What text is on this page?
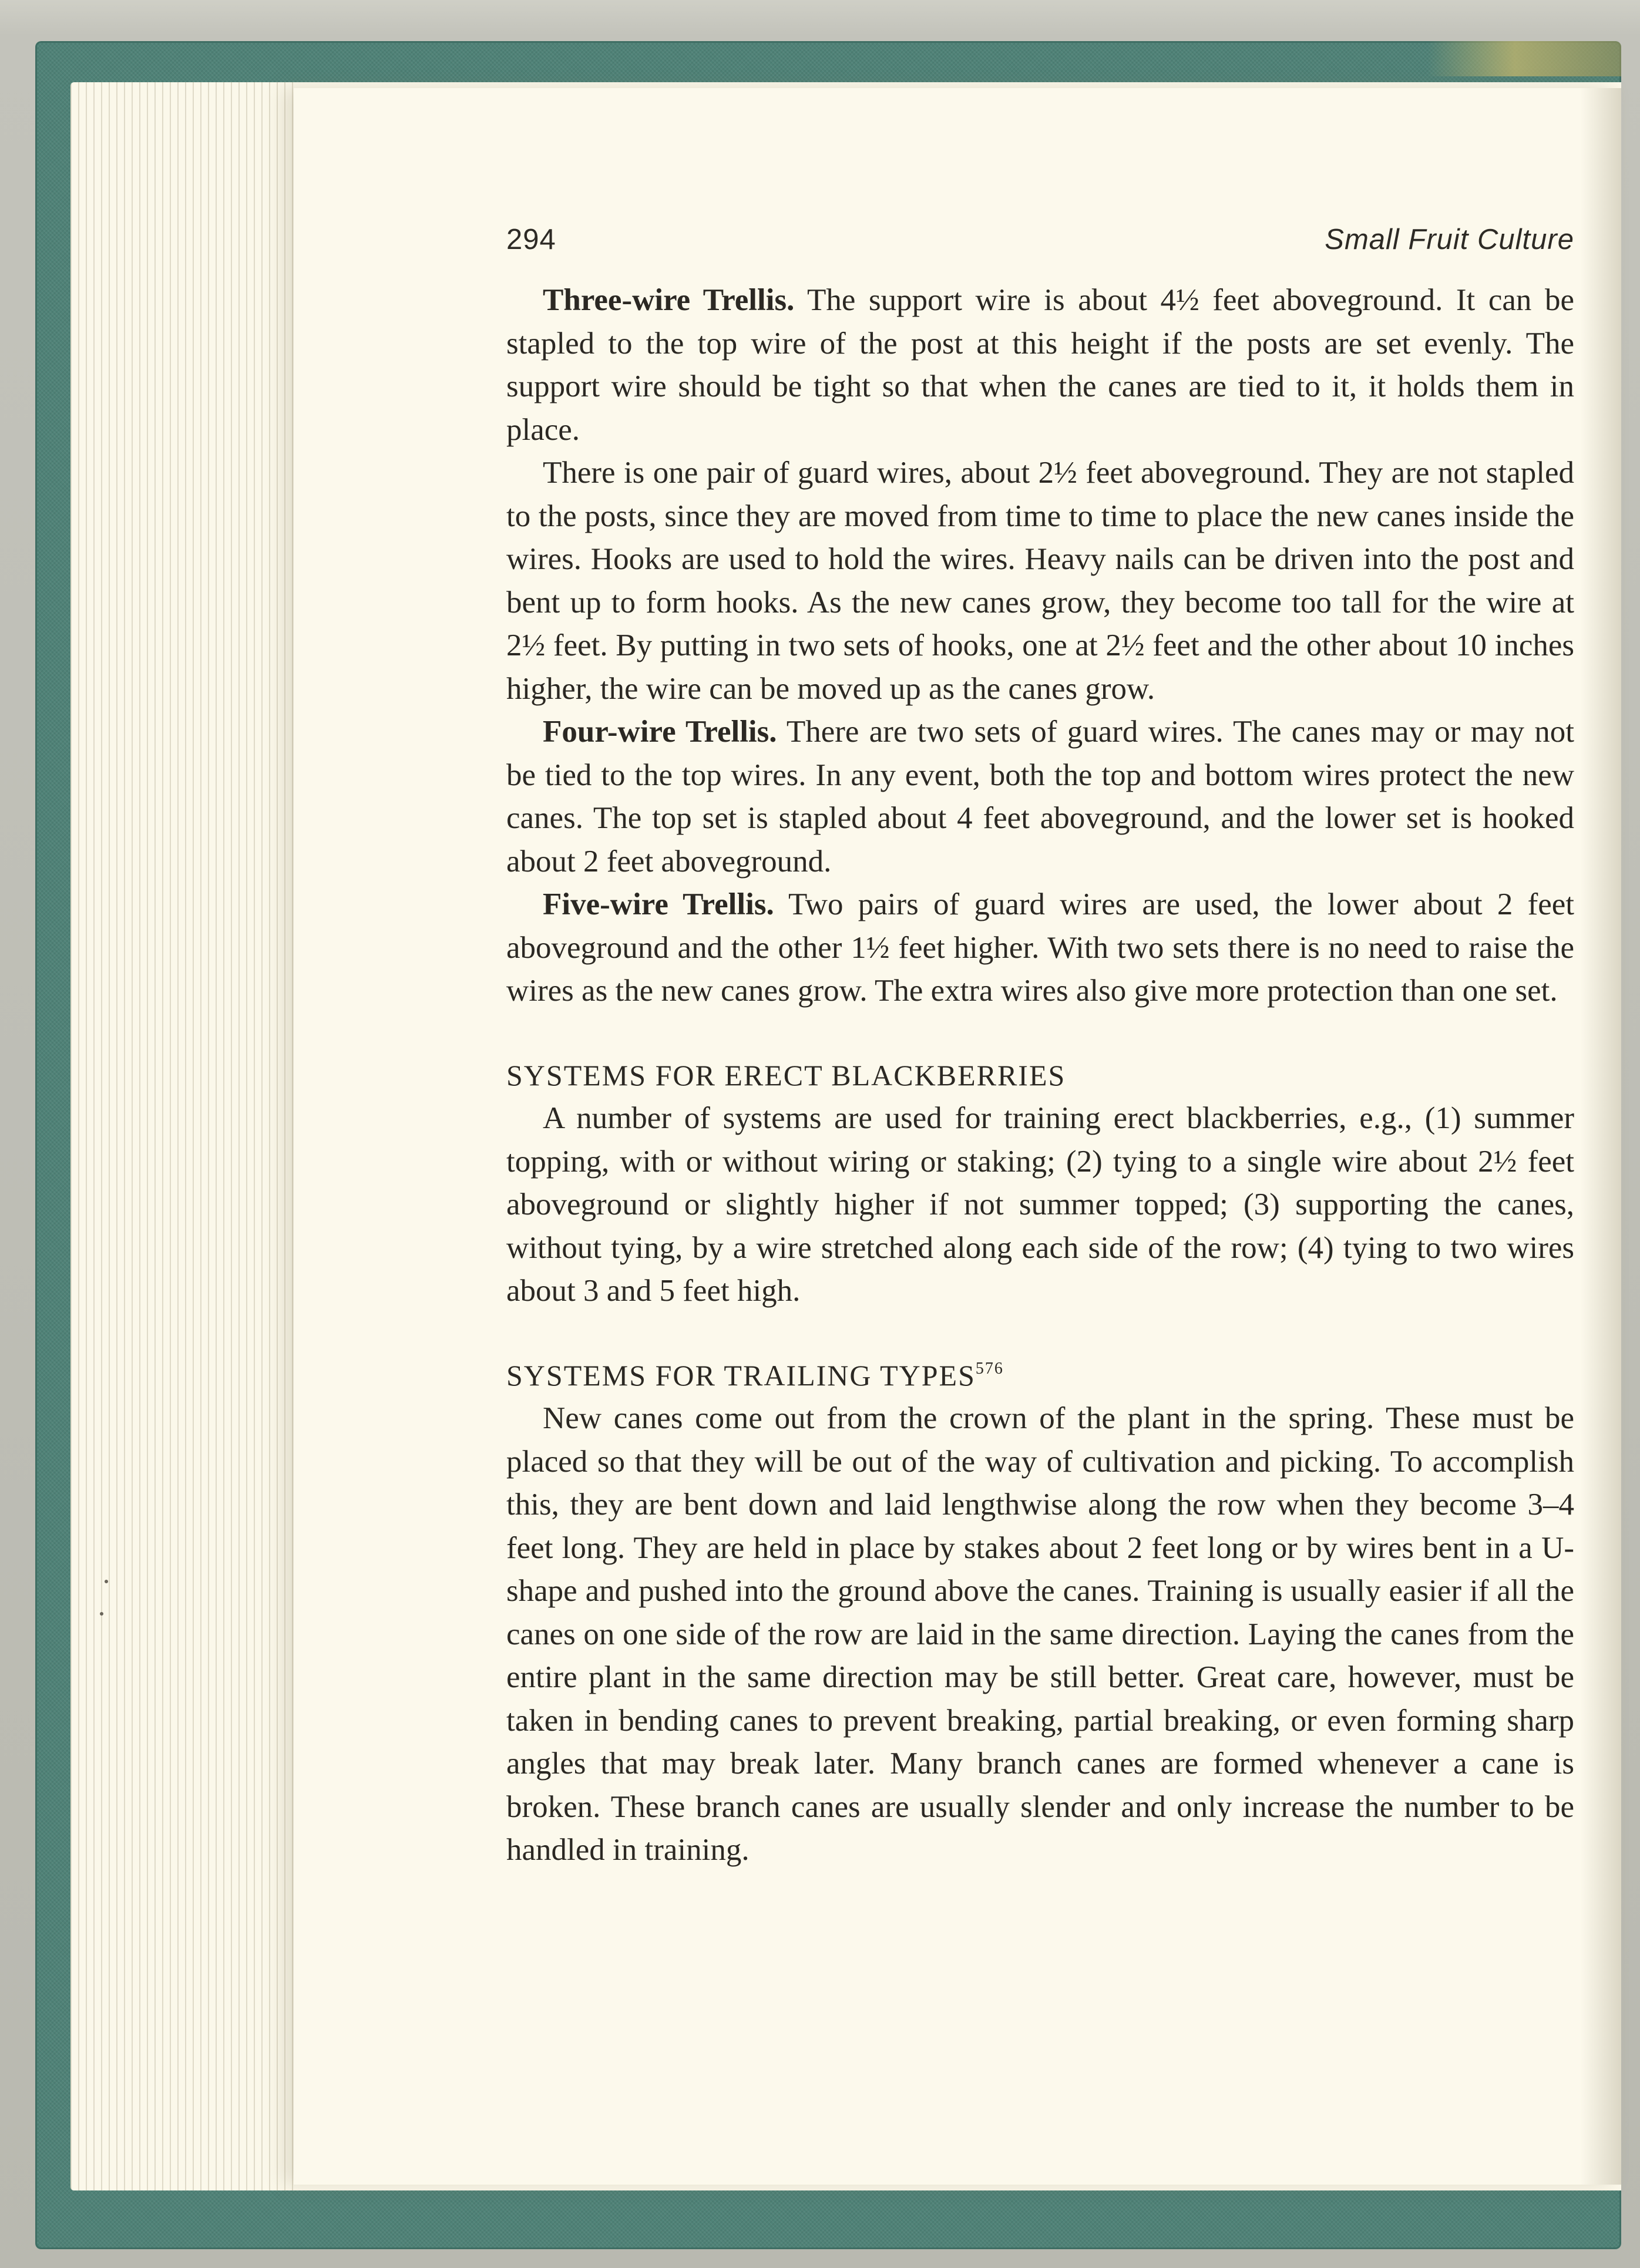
294	Small Fruit Culture

Three-wire Trellis. The support wire is about 4½ feet aboveground. It can be stapled to the top wire of the post at this height if the posts are set evenly. The support wire should be tight so that when the canes are tied to it, it holds them in place.

There is one pair of guard wires, about 2½ feet aboveground. They are not stapled to the posts, since they are moved from time to time to place the new canes inside the wires. Hooks are used to hold the wires. Heavy nails can be driven into the post and bent up to form hooks. As the new canes grow, they become too tall for the wire at 2½ feet. By putting in two sets of hooks, one at 2½ feet and the other about 10 inches higher, the wire can be moved up as the canes grow.

Four-wire Trellis. There are two sets of guard wires. The canes may or may not be tied to the top wires. In any event, both the top and bottom wires protect the new canes. The top set is stapled about 4 feet aboveground, and the lower set is hooked about 2 feet aboveground.

Five-wire Trellis. Two pairs of guard wires are used, the lower about 2 feet aboveground and the other 1½ feet higher. With two sets there is no need to raise the wires as the new canes grow. The extra wires also give more protection than one set.

SYSTEMS FOR ERECT BLACKBERRIES

A number of systems are used for training erect blackberries, e.g., (1) summer topping, with or without wiring or staking; (2) tying to a single wire about 2½ feet aboveground or slightly higher if not summer topped; (3) supporting the canes, without tying, by a wire stretched along each side of the row; (4) tying to two wires about 3 and 5 feet high.

SYSTEMS FOR TRAILING TYPES$^{576}$

New canes come out from the crown of the plant in the spring. These must be placed so that they will be out of the way of cultivation and picking. To accomplish this, they are bent down and laid lengthwise along the row when they become 3–4 feet long. They are held in place by stakes about 2 feet long or by wires bent in a U-shape and pushed into the ground above the canes. Training is usually easier if all the canes on one side of the row are laid in the same direction. Laying the canes from the entire plant in the same direction may be still better. Great care, however, must be taken in bending canes to prevent breaking, partial breaking, or even forming sharp angles that may break later. Many branch canes are formed whenever a cane is broken. These branch canes are usually slender and only increase the number to be handled in training.
